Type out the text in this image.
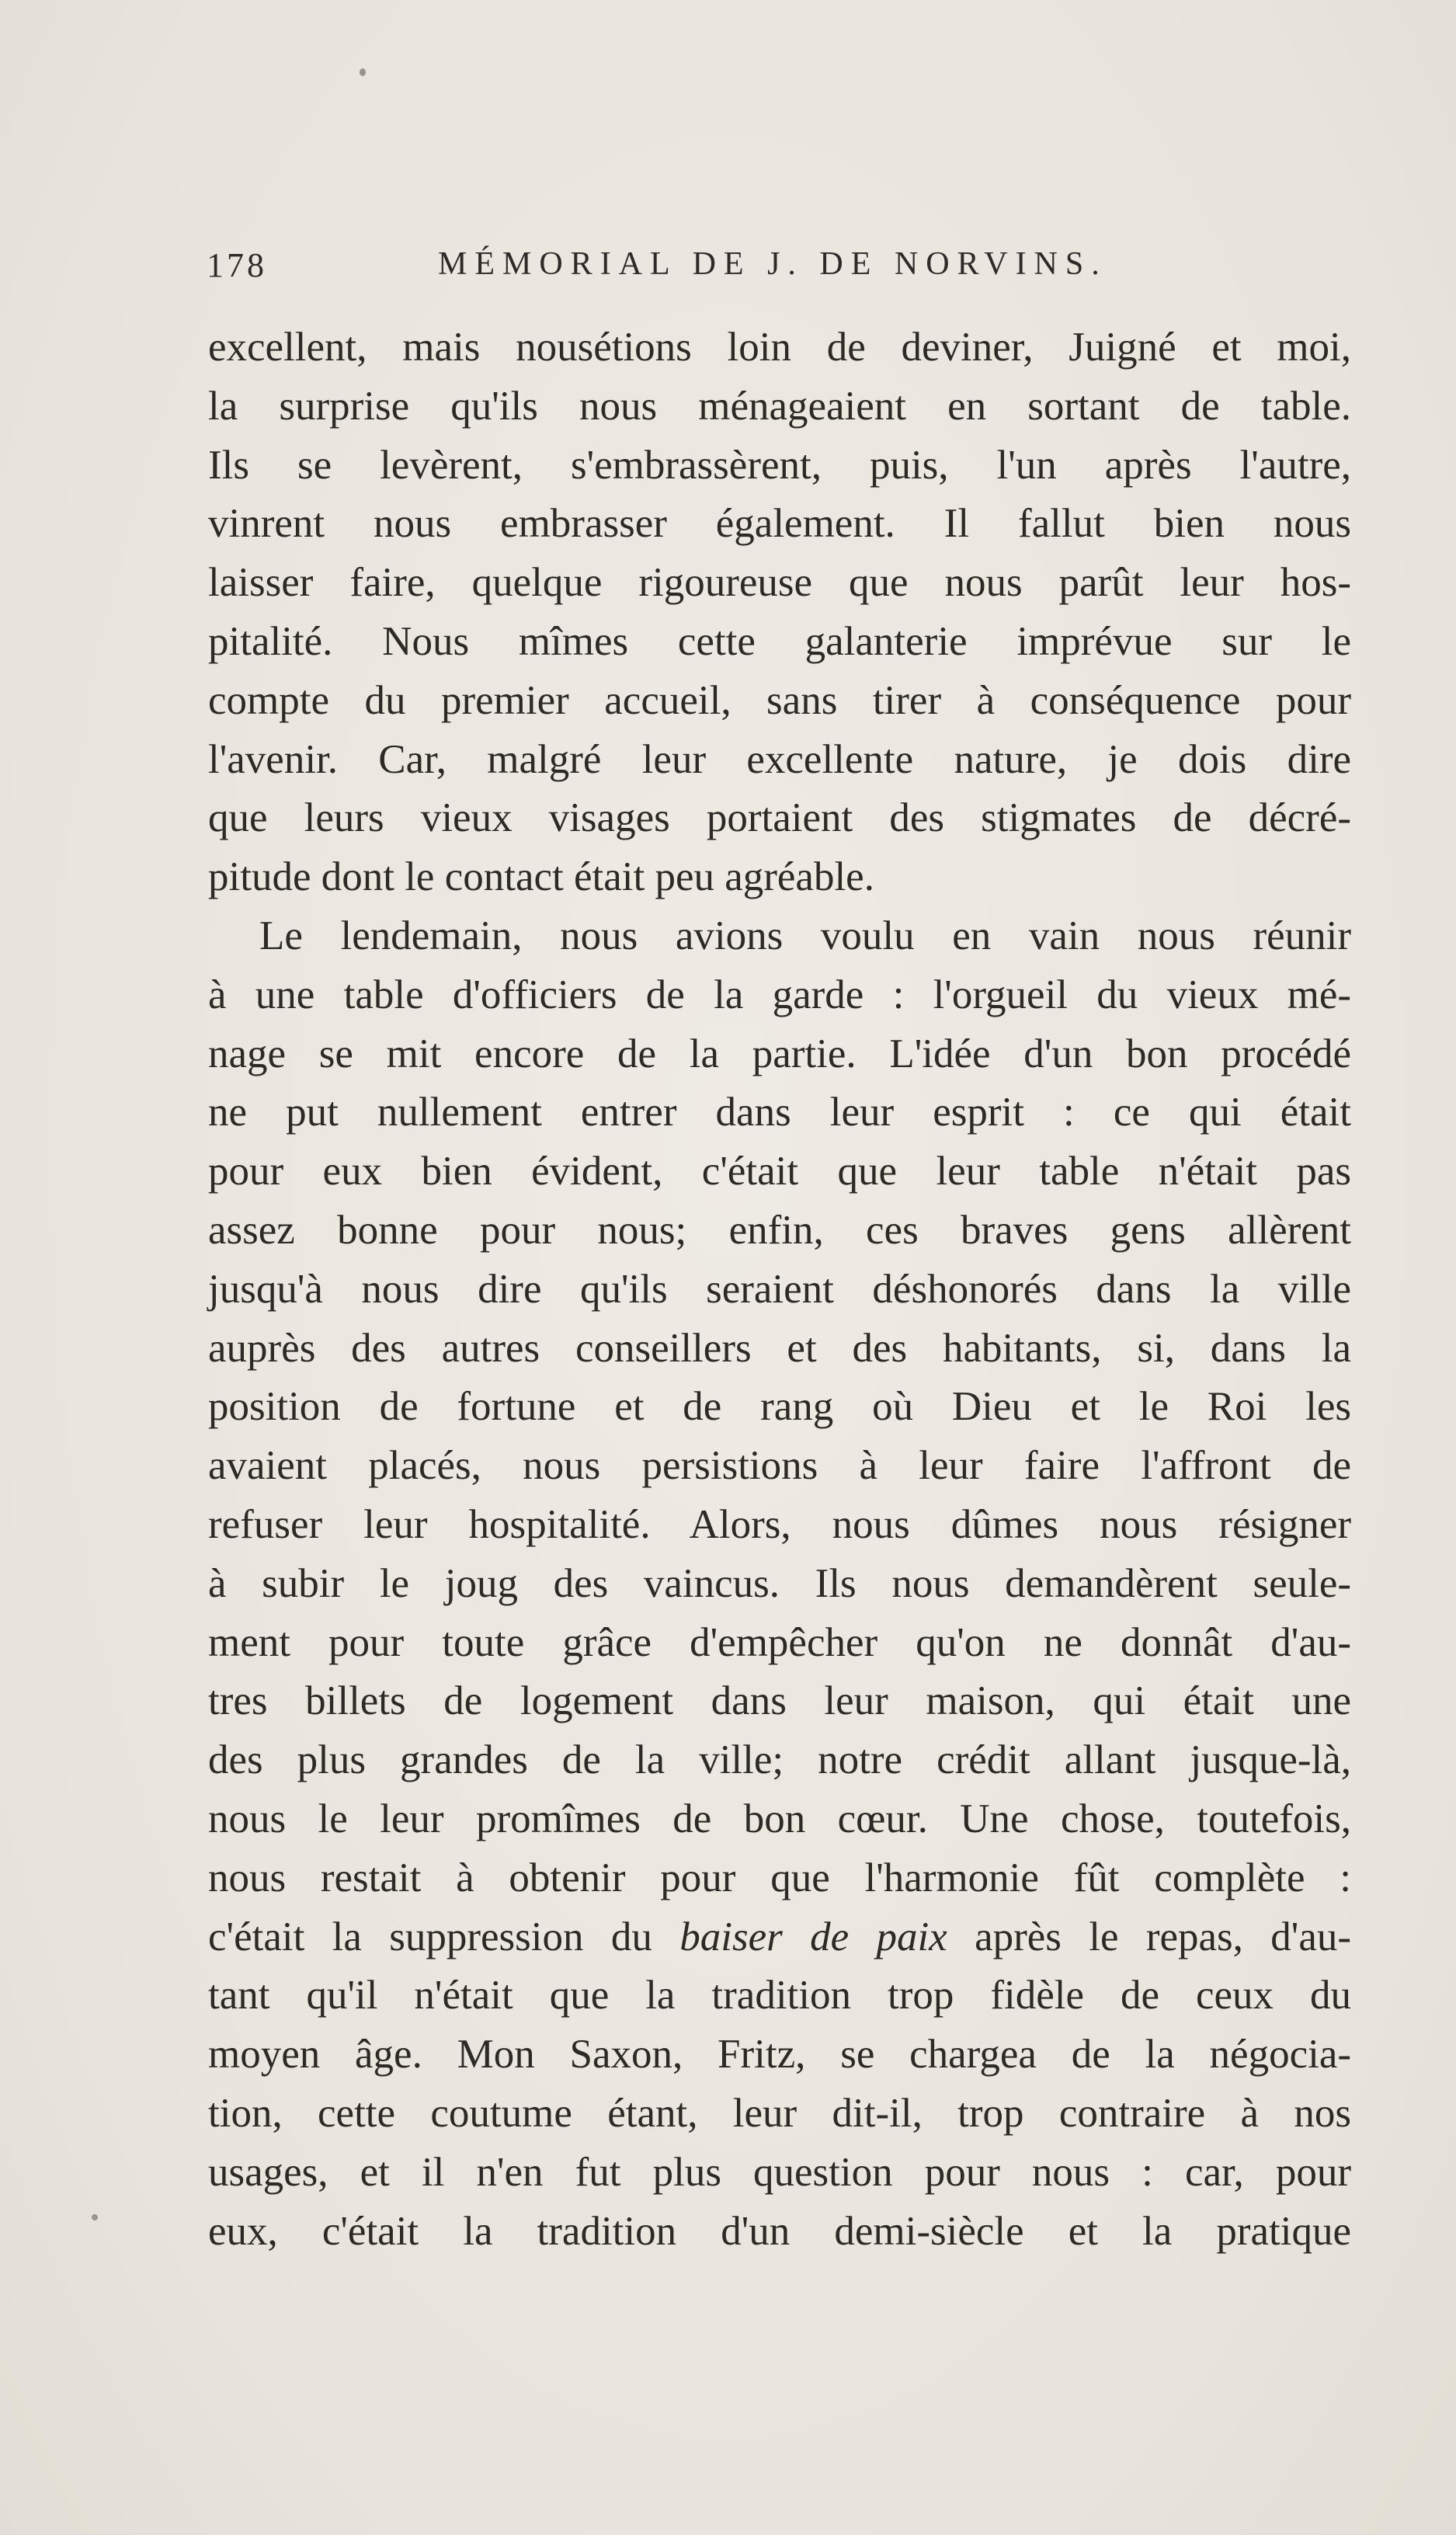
178	MÉMORIAL DE J. DE NORVINS.
excellent, mais nousétions loin de deviner, Juigné et moi,
la surprise qu'ils nous ménageaient en sortant de table.
Ils se levèrent, s'embrassèrent, puis, l'un après l'autre,
vinrent nous embrasser également. Il fallut bien nous
laisser faire, quelque rigoureuse que nous parût leur hos-
pitalité. Nous mîmes cette galanterie imprévue sur le
compte du premier accueil, sans tirer à conséquence pour
l'avenir. Car, malgré leur excellente nature, je dois dire
que leurs vieux visages portaient des stigmates de décré-
pitude dont le contact était peu agréable.
Le lendemain, nous avions voulu en vain nous réunir
à une table d'officiers de la garde : l'orgueil du vieux mé-
nage se mit encore de la partie. L'idée d'un bon procédé
ne put nullement entrer dans leur esprit : ce qui était
pour eux bien évident, c'était que leur table n'était pas
assez bonne pour nous; enfin, ces braves gens allèrent
jusqu'à nous dire qu'ils seraient déshonorés dans la ville
auprès des autres conseillers et des habitants, si, dans la
position de fortune et de rang où Dieu et le Roi les
avaient placés, nous persistions à leur faire l'affront de
refuser leur hospitalité. Alors, nous dûmes nous résigner
à subir le joug des vaincus. Ils nous demandèrent seule-
ment pour toute grâce d'empêcher qu'on ne donnât d'au-
tres billets de logement dans leur maison, qui était une
des plus grandes de la ville; notre crédit allant jusque-là,
nous le leur promîmes de bon cœur. Une chose, toutefois,
nous restait à obtenir pour que l'harmonie fût complète :
c'était la suppression du baiser de paix après le repas, d'au-
tant qu'il n'était que la tradition trop fidèle de ceux du
moyen âge. Mon Saxon, Fritz, se chargea de la négocia-
tion, cette coutume étant, leur dit-il, trop contraire à nos
usages, et il n'en fut plus question pour nous : car, pour
eux, c'était la tradition d'un demi-siècle et la pratique
